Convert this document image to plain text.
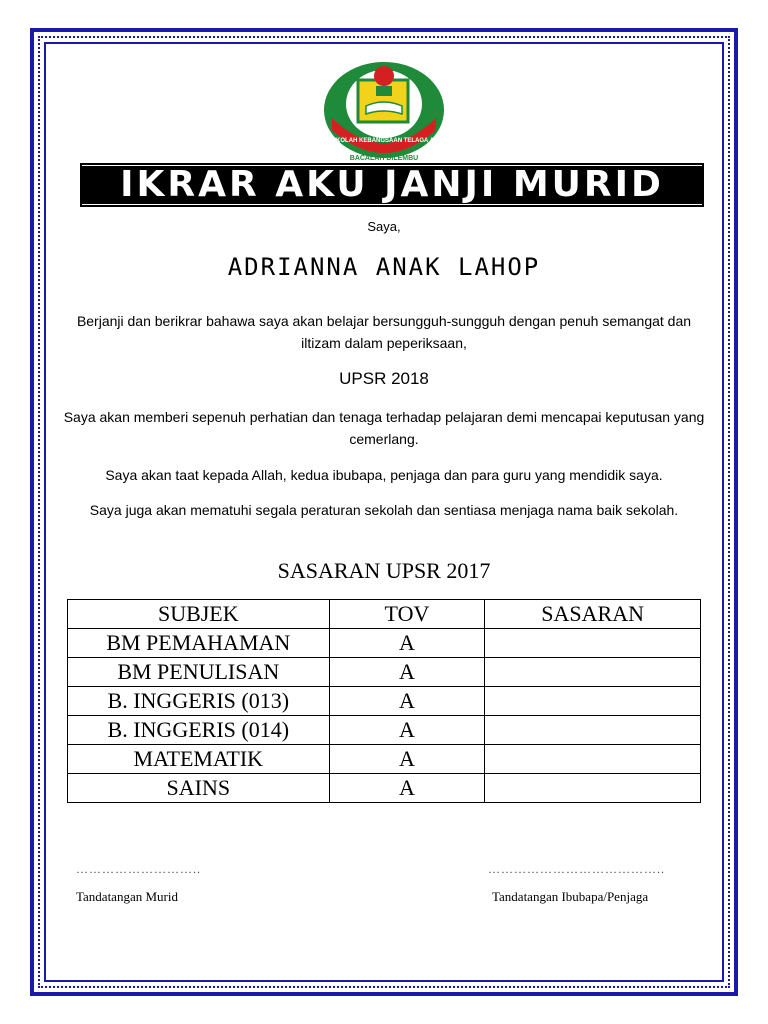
SEKOLAH KEBANGSAAN TELAGA AIR
BACALAH DILEMBU
IKRAR AKU JANJI MURID
Saya,
ADRIANNA ANAK LAHOP
Berjanji dan berikrar bahawa saya akan belajar bersungguh-sungguh dengan penuh semangat dan iltizam dalam peperiksaan,
UPSR 2018
Saya akan memberi sepenuh perhatian dan tenaga terhadap pelajaran demi mencapai keputusan yang cemerlang.
Saya akan taat kepada Allah, kedua ibubapa, penjaga dan para guru yang mendidik saya.
Saya juga akan mematuhi segala peraturan sekolah dan sentiasa menjaga nama baik sekolah.
SASARAN UPSR 2017
SUBJEK	TOV	SASARAN
BM PEMAHAMAN	A	
BM PENULISAN	A	
B. INGGERIS (013)	A	
B. INGGERIS (014)	A	
MATEMATIK	A	
SAINS	A	
………………………..	…………………………………..
Tandatangan Murid	Tandatangan Ibubapa/Penjaga
